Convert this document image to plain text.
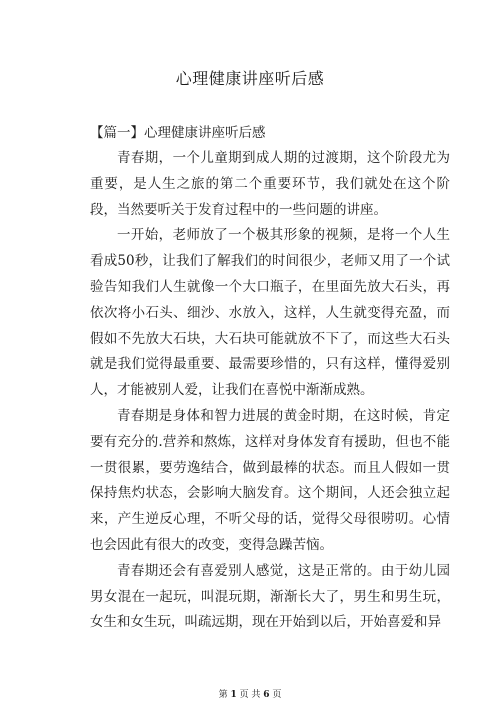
心理健康讲座听后感
【篇一】心理健康讲座听后感

青春期，一个儿童期到成人期的过渡期，这个阶段尤为重要，是人生之旅的第二个重要环节，我们就处在这个阶段，当然要听关于发育过程中的一些问题的讲座。

一开始，老师放了一个极其形象的视频，是将一个人生看成50秒，让我们了解我们的时间很少，老师又用了一个试验告知我们人生就像一个大口瓶子，在里面先放大石头，再依次将小石头、细沙、水放入，这样，人生就变得充盈，而假如不先放大石块，大石块可能就放不下了，而这些大石头就是我们觉得最重要、最需要珍惜的，只有这样，懂得爱别人，才能被别人爱，让我们在喜悦中渐渐成熟。

青春期是身体和智力进展的黄金时期，在这时候，肯定要有充分的.营养和熬炼，这样对身体发育有援助，但也不能一贯很累，要劳逸结合，做到最棒的状态。而且人假如一贯保持焦灼状态，会影响大脑发育。这个期间，人还会独立起来，产生逆反心理，不听父母的话，觉得父母很唠叨。心情也会因此有很大的改变，变得急躁苦恼。

青春期还会有喜爱别人感觉，这是正常的。由于幼儿园男女混在一起玩，叫混玩期，渐渐长大了，男生和男生玩，女生和女生玩，叫疏远期，现在开始到以后，开始喜爱和异

第 1 页 共 6 页
